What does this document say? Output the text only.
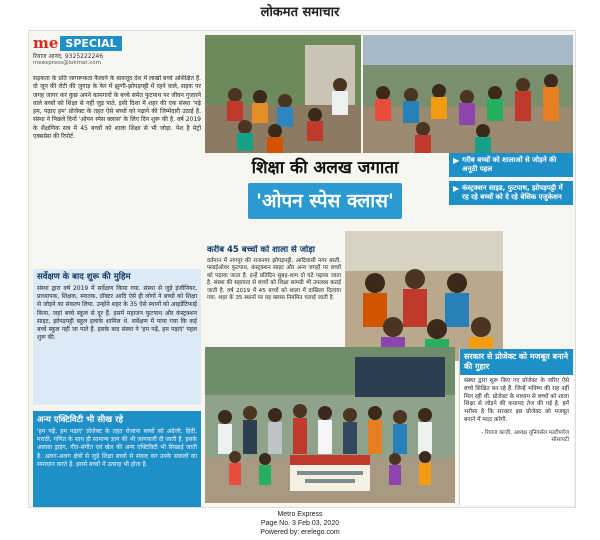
लोकमत समाचार
me SPECIAL
रियाज आनंद, 9325222246
meexpress@lokmat.com
सड़कता के प्रति जागरूकता फैलाने के बावजूद देश में लाखों बच्चे अशिक्षित हैं. दो जून की रोटी की जुगाड़ के फेर में झुग्गी-झोपड़पट्टी में रहने वाले, सड़क पर जगह जागर कर कुछ अपने कामगारों के बच्चे समेत फुटपाथ पर जीवन गुजारने वाले बच्चों को शिक्षा से नहीं जुड़ पाते. इसी दिशा में शहर की एक संस्था 'पढ़े हम, पढ़ाए हम' प्रोजेक्ट के तहत ऐसे बच्चों को पढ़ाने की जिम्मेदारी उठाई है. संस्था ने पिछले दिनों 'ओपन स्पेस क्लास' के लिए दिन शुरू की है. वर्ष 2019 के शैक्षणिक सत्र में 45 बच्चों को शाला शिक्षा से भी जोड़ा. पेश है मेट्रो एक्सप्रेस की रिपोर्ट.
सर्वेक्षण के बाद शुरू की मुहिम
संस्था द्वारा वर्ष 2019 में सर्वेक्षण किया गया. संस्था से जुड़े इंजीनियर, प्राध्यापक, शिक्षक, स्नातक, डॉक्टर आदि ऐसे ही लोगों ने बच्चों को शिक्षा से जोड़ने का संकल्प लिया. उन्होंने शहर के 35 ऐसे स्थानों को आइडेंटिफाई किया, जहां बच्चे स्कूल से दूर हैं. इसमें महाजन फुटपाथ और कंस्ट्रक्शन साइट, झोपड़पट्टी बहुल इलाके शामिल थे. सर्वेक्षण में पाया गया कि कई बच्चे स्कूल नहीं जा पाते हैं. इसके बाद संस्था ने 'हम पढ़ें, हम पढ़ाएं' पहल शुरू की.
अन्य एक्टिविटी भी सीख रहे
'हम पढ़ें, हम पढ़ाएं' प्रोजेक्ट के तहत रोजाना बच्चों को अंग्रेजी, हिंदी, मराठी, गणित के साथ ही सामान्य ज्ञान की भी जानकारी दी जाती है. इसके अलावा ड्राइंग, गीत-संगीत एवं खेल की अन्य एक्टिविटी भी सिखाई जाती है. अलग-अलग क्षेत्रों से जुड़े शिक्षा बच्चों से संवाद कर उनके सवालों का समाधान करते हैं. इससे बच्चों में उत्साह भी होता है.
शिक्षा की अलख जगाता
'ओपन स्पेस क्लास'
▶ गरीब बच्चों को शालाओं से जोड़ने की अनूठी पहल
▶ कंस्ट्रक्शन साइड, फुटपाथ, झोपड़पट्टी में रह रहे बच्चों को दे रहे बेसिक एजुकेशन
करीब 45 बच्चों को शाला से जोड़ा
वर्तमान में नागपुर की राजनगर झोपड़पट्टी, आदिवासी नगर बस्ती, फ्लाईओवर फुटपाथ, कंस्ट्रक्शन साइट और अन्य जगहों पर बच्चों को पढ़ाया जाता है. इन्हें प्रतिदिन सुबह-शाम दो घंटे पढ़ाया जाता है. संस्था की सहायता से बच्चों को शिक्षा सामग्री भी उपलब्ध कराई जाती है. वर्ष 2019 में 45 बच्चों को शाला में दाखिला दिलाया गया. शहर के 35 स्थानों पर यह क्लास नियमित चलाई जाती है.
सरकार से प्रोजेक्ट को मजबूत बनाने की गुहार
संस्था द्वारा शुरू किए गए प्रोजेक्ट के जरिए ऐसे बच्चे शिक्षित बन रहे हैं. जिन्हें भविष्य की राह नहीं मिल रही थी. प्रोजेक्ट के माध्यम से बच्चों को शाला शिक्षा से जोड़ने की कवायद तेज की गई है. हमें भरोसा है कि सरकार इस प्रोजेक्ट को मजबूत बनाने में मदद करेगी.
- रियाज काज़ी, अध्यक्ष यूनिवर्सल मल्टीपर्पज सोसायटी
Metro Express
Page No. 3 Feb 03, 2020
Powered by: erelego.com
